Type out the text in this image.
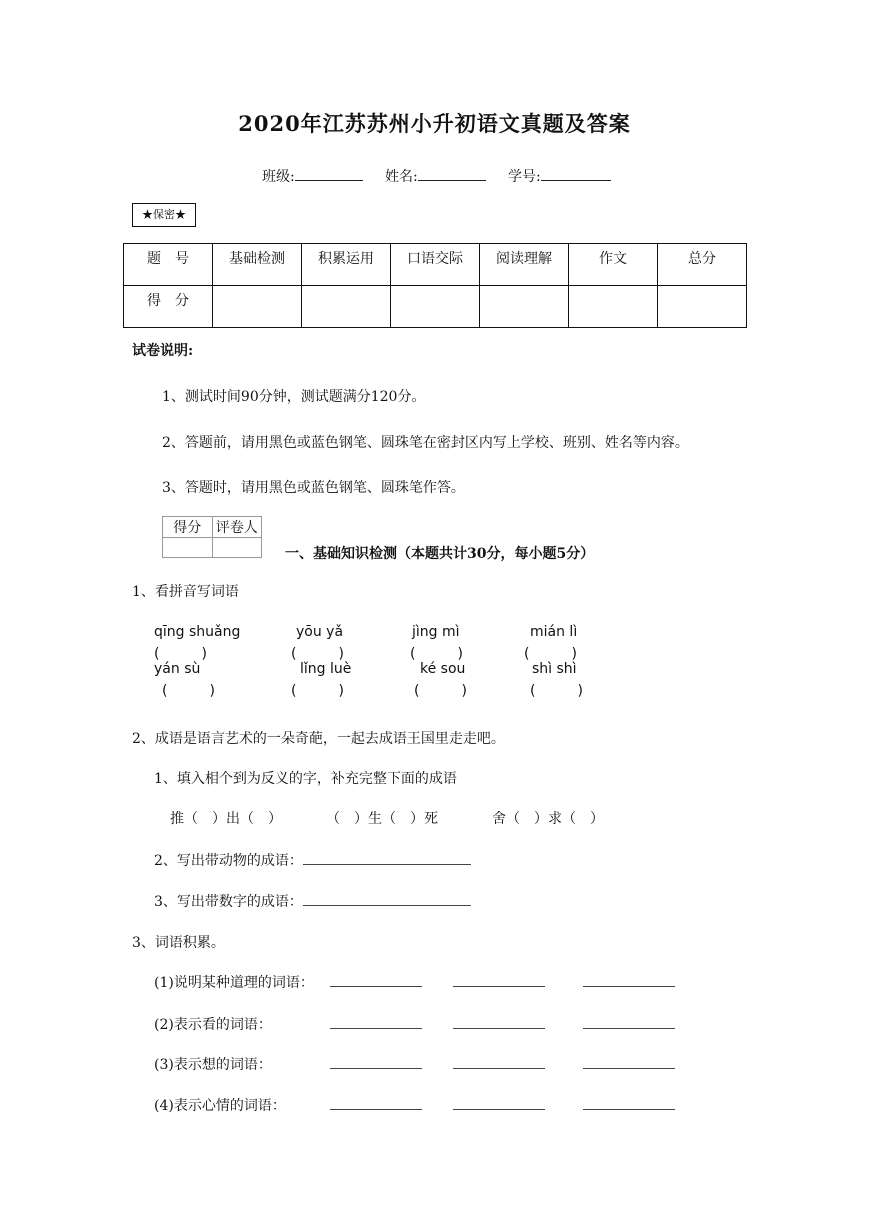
2020年江苏苏州小升初语文真题及答案
班级:	姓名:	学号:
★保密★
题　号	基础检测	积累运用	口语交际	阅读理解	作文	总分
得　分						
试卷说明:
1、测试时间90分钟，测试题满分120分。
2、答题前，请用黑色或蓝色钢笔、圆珠笔在密封区内写上学校、班别、姓名等内容。
3、答题时，请用黑色或蓝色钢笔、圆珠笔作答。
得分	评卷人

一、基础知识检测（本题共计30分，每小题5分）
1、看拼音写词语
qīng shuǎng	yōu yǎ	jìng mì	mián lì
(　　　)	(　　　)	(　　　)	(　　　)
yán sù	lǐng luè	ké sou	shì shì
(　　　)	(　　　)	(　　　)	(　　　)
2、成语是语言艺术的一朵奇葩，一起去成语王国里走走吧。
1、填入相个到为反义的字，补充完整下面的成语
推（　）出（　）	（　）生（　）死	舍（　）求（　）
2、写出带动物的成语：
3、写出带数字的成语：
3、词语积累。
(1)说明某种道理的词语：
(2)表示看的词语：
(3)表示想的词语：
(4)表示心情的词语：
